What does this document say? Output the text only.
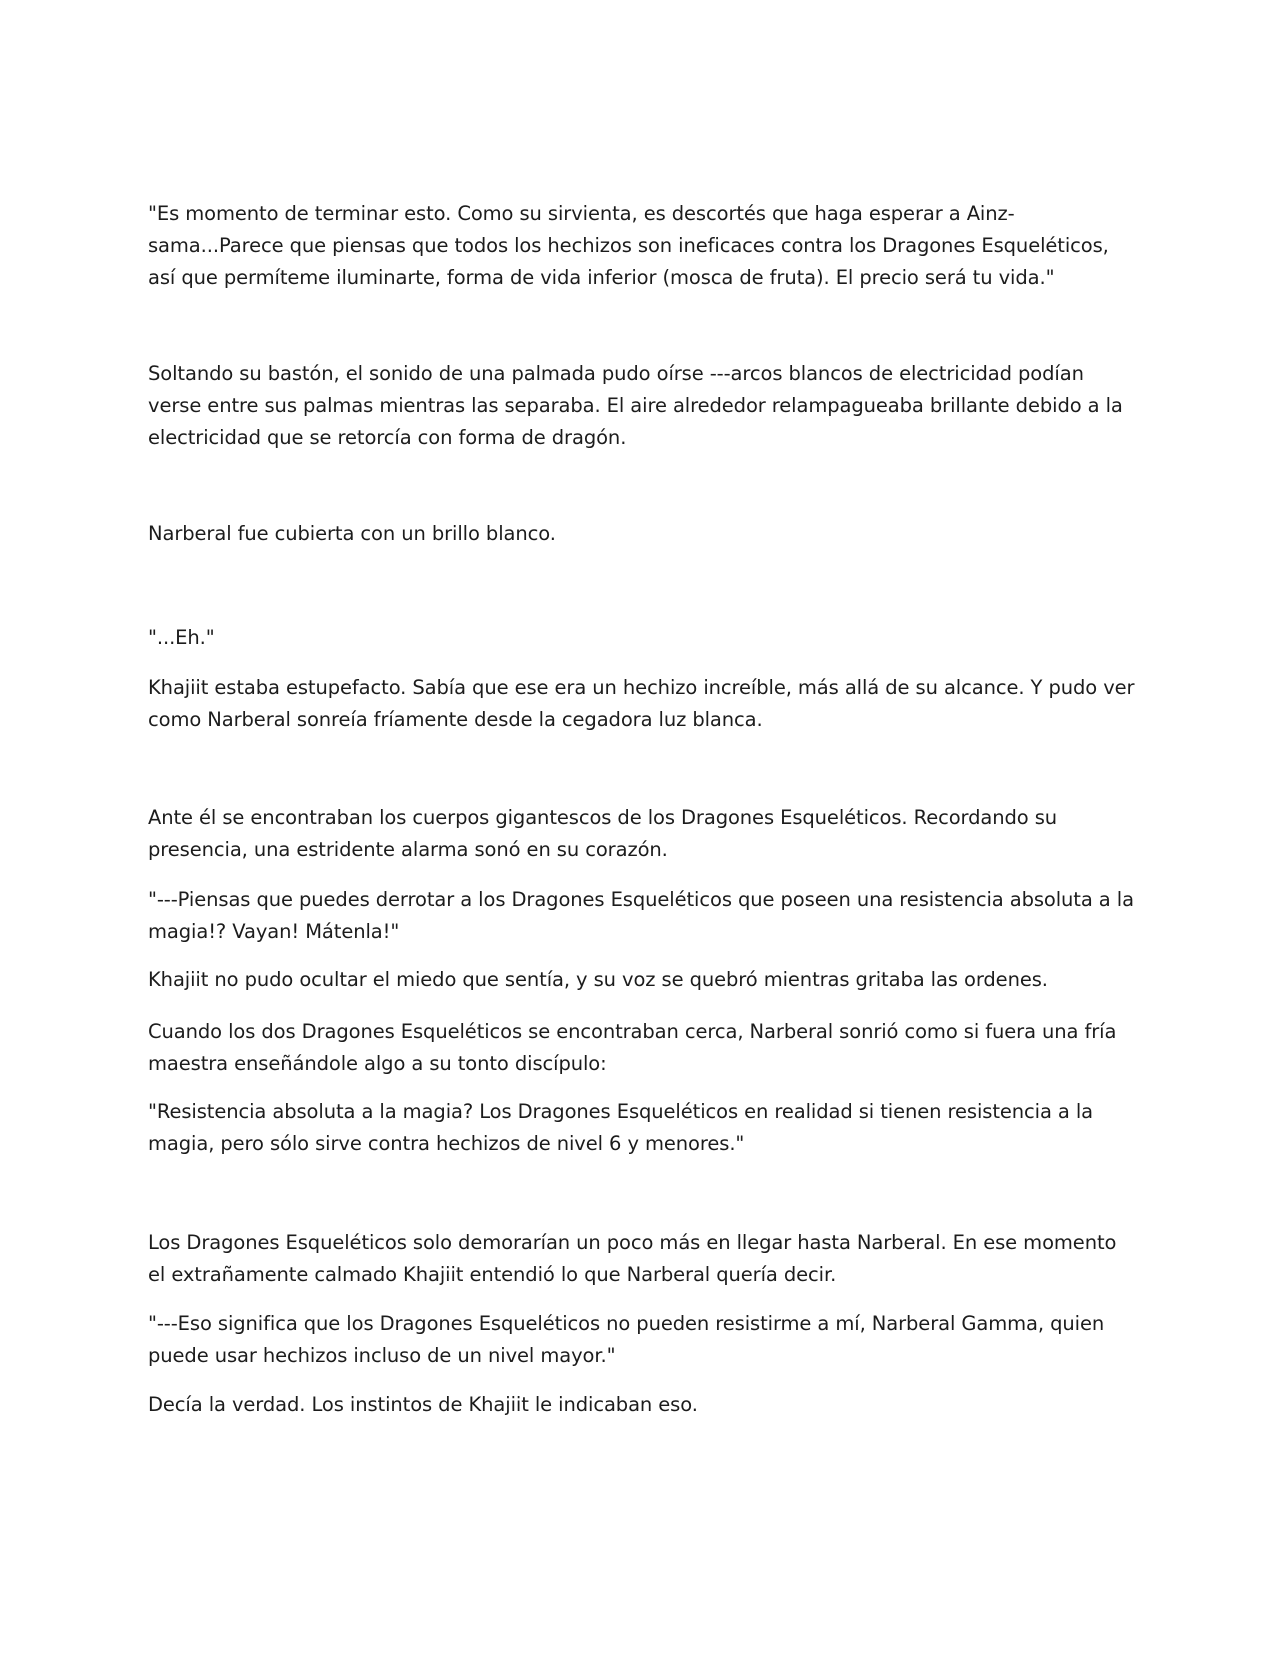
"Es momento de terminar esto. Como su sirvienta, es descortés que haga esperar a Ainz-sama...Parece que piensas que todos los hechizos son ineficaces contra los Dragones Esqueléticos, así que permíteme iluminarte, forma de vida inferior (mosca de fruta). El precio será tu vida."

Soltando su bastón, el sonido de una palmada pudo oírse ---arcos blancos de electricidad podían verse entre sus palmas mientras las separaba. El aire alrededor relampagueaba brillante debido a la electricidad que se retorcía con forma de dragón.

Narberal fue cubierta con un brillo blanco.

"...Eh."

Khajiit estaba estupefacto. Sabía que ese era un hechizo increíble, más allá de su alcance. Y pudo ver como Narberal sonreía fríamente desde la cegadora luz blanca.

Ante él se encontraban los cuerpos gigantescos de los Dragones Esqueléticos. Recordando su presencia, una estridente alarma sonó en su corazón.

"---Piensas que puedes derrotar a los Dragones Esqueléticos que poseen una resistencia absoluta a la magia!? Vayan! Mátenla!"

Khajiit no pudo ocultar el miedo que sentía, y su voz se quebró mientras gritaba las ordenes.

Cuando los dos Dragones Esqueléticos se encontraban cerca, Narberal sonrió como si fuera una fría maestra enseñándole algo a su tonto discípulo:

"Resistencia absoluta a la magia? Los Dragones Esqueléticos en realidad si tienen resistencia a la magia, pero sólo sirve contra hechizos de nivel 6 y menores."

Los Dragones Esqueléticos solo demorarían un poco más en llegar hasta Narberal. En ese momento el extrañamente calmado Khajiit entendió lo que Narberal quería decir.

"---Eso significa que los Dragones Esqueléticos no pueden resistirme a mí, Narberal Gamma, quien puede usar hechizos incluso de un nivel mayor."

Decía la verdad. Los instintos de Khajiit le indicaban eso.
